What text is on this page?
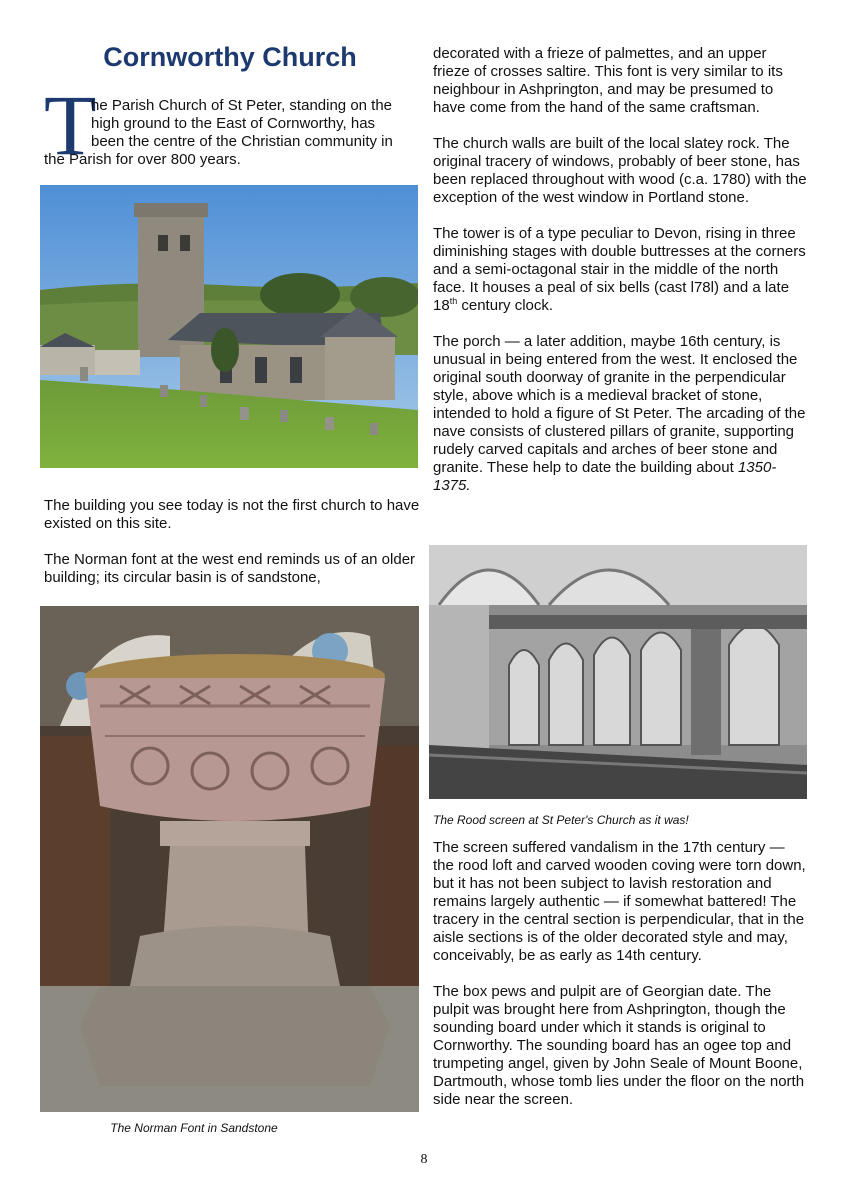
Cornworthy Church
T
he Parish Church of St Peter, standing on the
high ground to the East of Cornworthy, has
been the centre of the Christian community in
the Parish for over 800 years.

The building you see today is not the first church to have existed on this site.

The Norman font at the west end reminds us of an older building; its circular basin is of sandstone,

The Norman Font in Sandstone

decorated with a frieze of palmettes, and an upper frieze of crosses saltire. This font is very similar to its neighbour in Ashprington, and may be presumed to have come from the hand of the same craftsman.

The church walls are built of the local slatey rock. The original tracery of windows, probably of beer stone, has been replaced throughout with wood (c.a. 1780) with the exception of the west window in Portland stone.

The tower is of a type peculiar to Devon, rising in three diminishing stages with double buttresses at the corners and a semi-octagonal stair in the middle of the north face. It houses a peal of six bells (cast l78l) and a late 18th century clock.

The porch — a later addition, maybe 16th century, is unusual in being entered from the west. It enclosed the original south doorway of granite in the perpendicular style, above which is a medieval bracket of stone, intended to hold a figure of St Peter. The arcading of the nave consists of clustered pillars of granite, supporting rudely carved capitals and arches of beer stone and granite. These help to date the building about 1350-1375.

The Rood screen at St Peter's Church as it was!

The screen suffered vandalism in the 17th century — the rood loft and carved wooden coving were torn down, but it has not been subject to lavish restoration and remains largely authentic — if somewhat battered! The tracery in the central section is perpendicular, that in the aisle sections is of the older decorated style and may, conceivably, be as early as 14th century.

The box pews and pulpit are of Georgian date. The pulpit was brought here from Ashprington, though the sounding board under which it stands is original to Cornworthy. The sounding board has an ogee top and trumpeting angel, given by John Seale of Mount Boone, Dartmouth, whose tomb lies under the floor on the north side near the screen.

8
